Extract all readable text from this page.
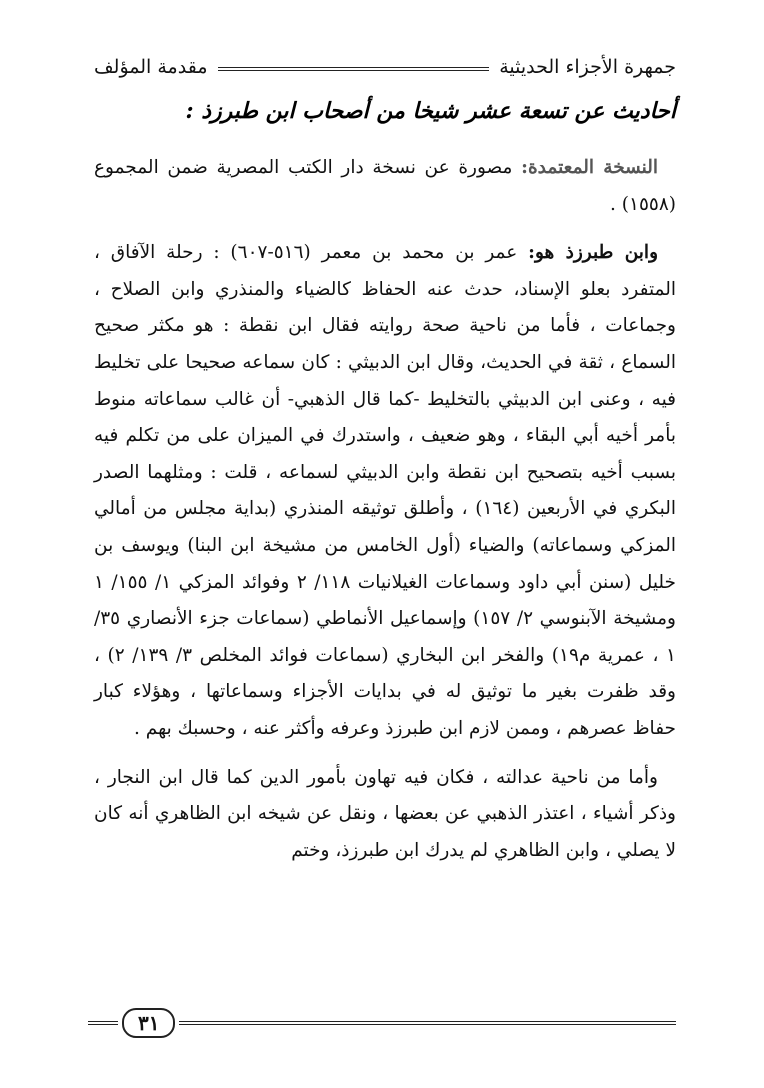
جمهرة الأجزاء الحديثية
مقدمة المؤلف
أحاديث عن تسعة عشر شيخا من أصحاب ابن طبرزذ :

النسخة المعتمدة: مصورة عن نسخة دار الكتب المصرية ضمن المجموع (١٥٥٨) .

وابن طبرزذ هو: عمر بن محمد بن معمر (٥١٦-٦٠٧) : رحلة الآفاق ، المتفرد بعلو الإسناد، حدث عنه الحفاظ كالضياء والمنذري وابن الصلاح ، وجماعات ، فأما من ناحية صحة روايته فقال ابن نقطة : هو مكثر صحيح السماع ، ثقة في الحديث، وقال ابن الدبيثي : كان سماعه صحيحا على تخليط فيه ، وعنى ابن الدبيثي بالتخليط -كما قال الذهبي- أن غالب سماعاته منوط بأمر أخيه أبي البقاء ، وهو ضعيف ، واستدرك في الميزان على من تكلم فيه بسبب أخيه بتصحيح ابن نقطة وابن الدبيثي لسماعه ، قلت : ومثلهما الصدر البكري في الأربعين (١٦٤) ، وأطلق توثيقه المنذري (بداية مجلس من أمالي المزكي وسماعاته) والضياء (أول الخامس من مشيخة ابن البنا) ويوسف بن خليل (سنن أبي داود وسماعات الغيلانيات ١١٨/ ٢ وفوائد المزكي ١/ ١٥٥/ ١ ومشيخة الآبنوسي ٢/ ١٥٧) وإسماعيل الأنماطي (سماعات جزء الأنصاري ٣٥/ ١ ، عمرية م١٩) والفخر ابن البخاري (سماعات فوائد المخلص ٣/ ١٣٩/ ٢) ، وقد ظفرت بغير ما توثيق له في بدايات الأجزاء وسماعاتها ، وهؤلاء كبار حفاظ عصرهم ، وممن لازم ابن طبرزذ وعرفه وأكثر عنه ، وحسبك بهم .

وأما من ناحية عدالته ، فكان فيه تهاون بأمور الدين كما قال ابن النجار ، وذكر أشياء ، اعتذر الذهبي عن بعضها ، ونقل عن شيخه ابن الظاهري أنه كان لا يصلي ، وابن الظاهري لم يدرك ابن طبرزذ، وختم

٣١
